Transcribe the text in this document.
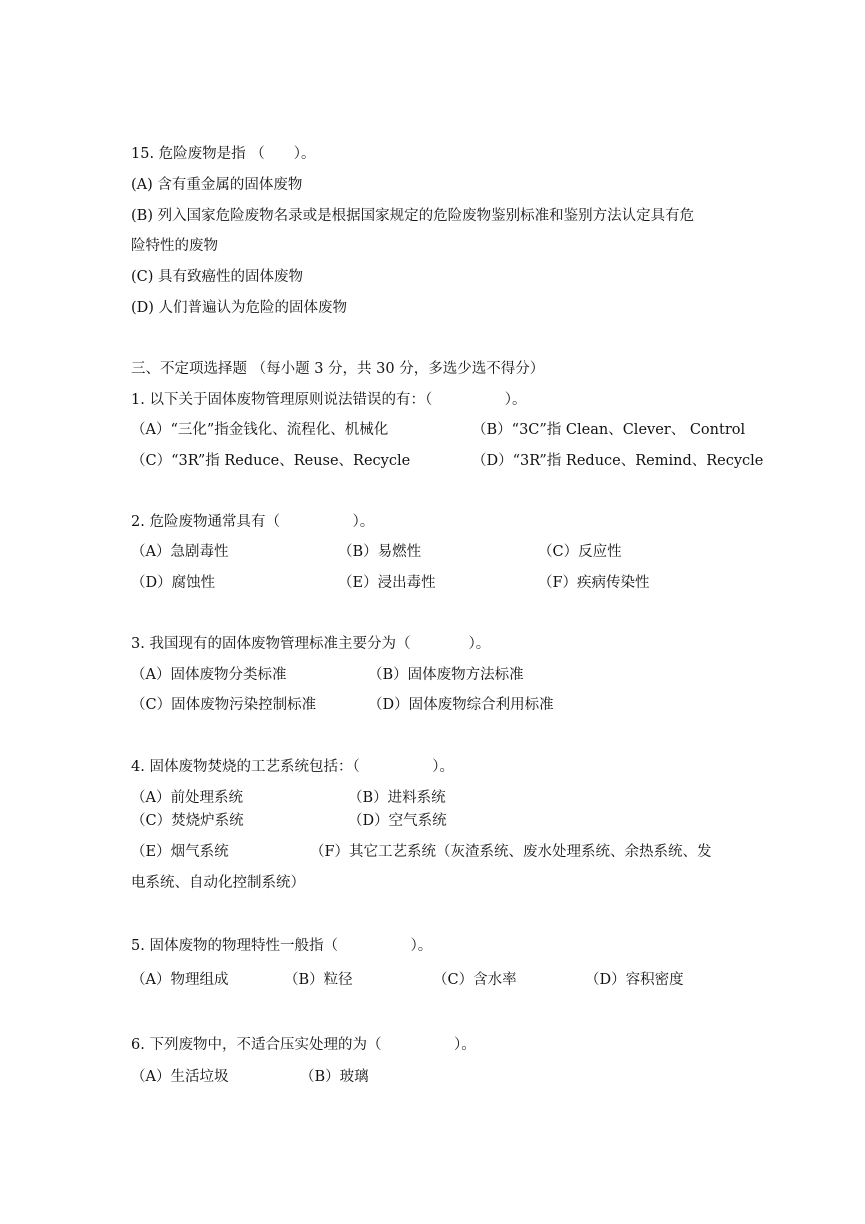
15. 危险废物是指 （　　）。
(A) 含有重金属的固体废物
(B) 列入国家危险废物名录或是根据国家规定的危险废物鉴别标准和鉴别方法认定具有危
险特性的废物
(C) 具有致癌性的固体废物
(D) 人们普遍认为危险的固体废物
三、不定项选择题 （每小题 3 分，共 30 分，多选少选不得分）
1. 以下关于固体废物管理原则说法错误的有：（　　　　　）。
（A）“三化”指金钱化、流程化、机械化	（B）“3C”指 Clean、Clever、 Control
（C）“3R”指 Reduce、Reuse、Recycle	（D）“3R”指 Reduce、Remind、Recycle
2. 危险废物通常具有（　　　　　）。
（A）急剧毒性	（B）易燃性	（C）反应性
（D）腐蚀性	（E）浸出毒性	（F）疾病传染性
3. 我国现有的固体废物管理标准主要分为（　　　　）。
（A）固体废物分类标准	（B）固体废物方法标准
（C）固体废物污染控制标准	（D）固体废物综合利用标准
4. 固体废物焚烧的工艺系统包括：（　　　　　）。
（A）前处理系统	（B）进料系统
（C）焚烧炉系统	（D）空气系统
（E）烟气系统	（F）其它工艺系统（灰渣系统、废水处理系统、余热系统、发
电系统、自动化控制系统）
5. 固体废物的物理特性一般指（　　　　　）。
（A）物理组成	（B）粒径	（C）含水率	（D）容积密度
6. 下列废物中，不适合压实处理的为（　　　　　）。
（A）生活垃圾	（B）玻璃
